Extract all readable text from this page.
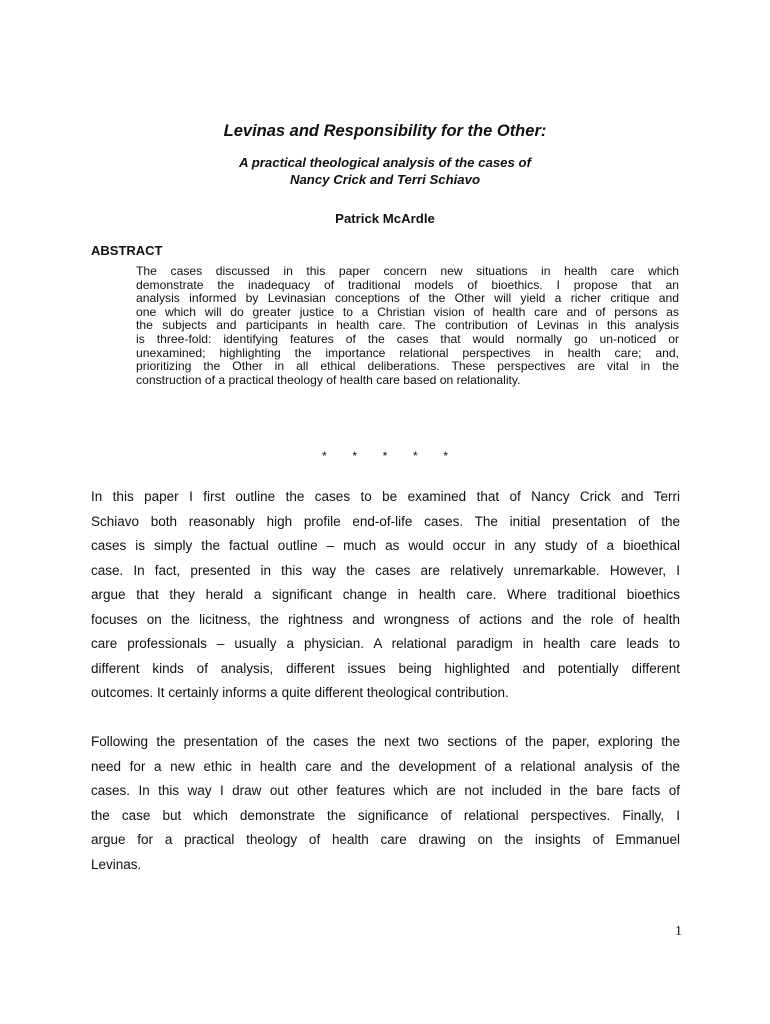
Levinas and Responsibility for the Other:
A practical theological analysis of the cases of
Nancy Crick and Terri Schiavo
Patrick McArdle
ABSTRACT
The cases discussed in this paper concern new situations in health care which
demonstrate the inadequacy of traditional models of bioethics. I propose that an
analysis informed by Levinasian conceptions of the Other will yield a richer critique and
one which will do greater justice to a Christian vision of health care and of persons as
the subjects and participants in health care. The contribution of Levinas in this analysis
is three-fold: identifying features of the cases that would normally go un-noticed or
unexamined; highlighting the importance relational perspectives in health care; and,
prioritizing the Other in all ethical deliberations. These perspectives are vital in the
construction of a practical theology of health care based on relationality.
* * * * *
In this paper I first outline the cases to be examined that of Nancy Crick and Terri
Schiavo both reasonably high profile end-of-life cases. The initial presentation of the
cases is simply the factual outline – much as would occur in any study of a bioethical
case. In fact, presented in this way the cases are relatively unremarkable. However, I
argue that they herald a significant change in health care. Where traditional bioethics
focuses on the licitness, the rightness and wrongness of actions and the role of health
care professionals – usually a physician. A relational paradigm in health care leads to
different kinds of analysis, different issues being highlighted and potentially different
outcomes. It certainly informs a quite different theological contribution.
Following the presentation of the cases the next two sections of the paper, exploring the
need for a new ethic in health care and the development of a relational analysis of the
cases. In this way I draw out other features which are not included in the bare facts of
the case but which demonstrate the significance of relational perspectives. Finally, I
argue for a practical theology of health care drawing on the insights of Emmanuel
Levinas.
1
